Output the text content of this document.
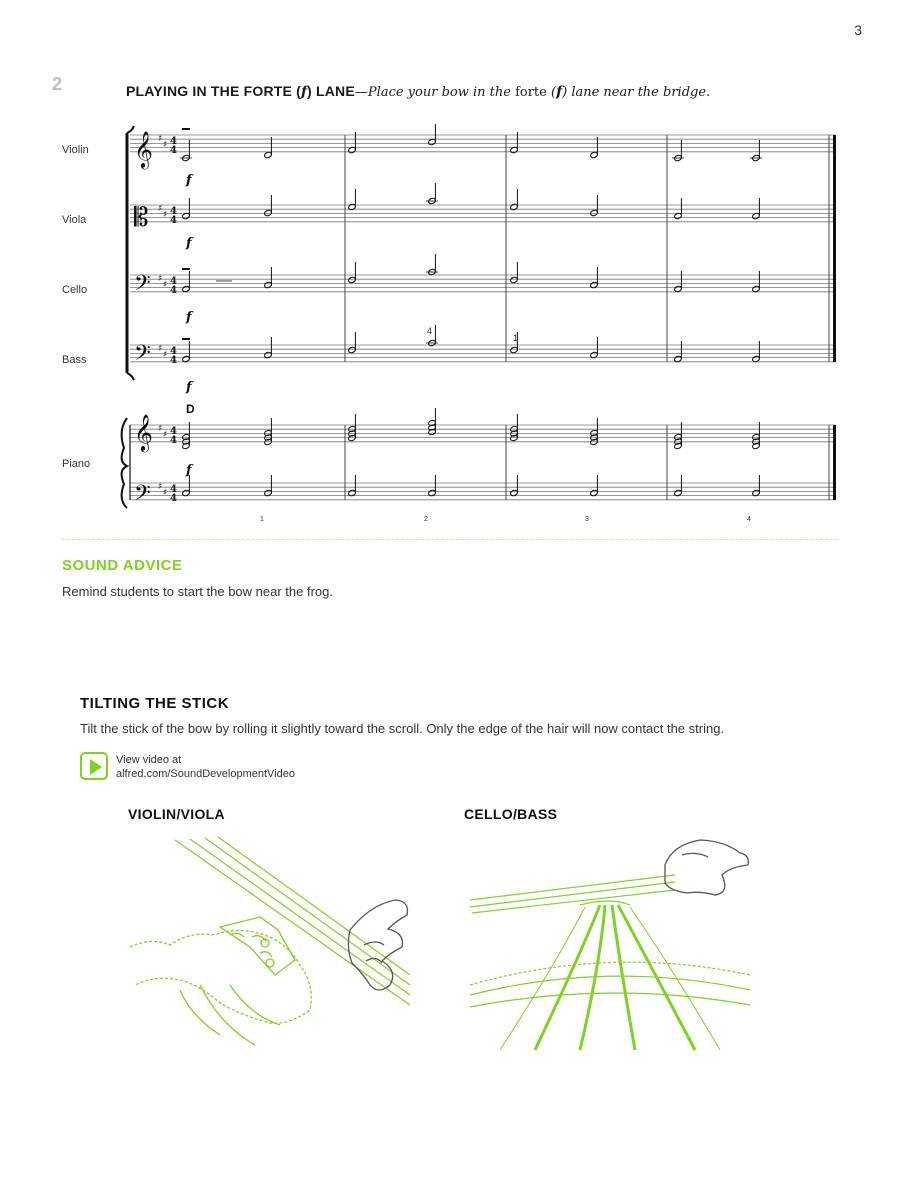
3
2	PLAYING IN THE FORTE (f) LANE—Place your bow in the forte (f) lane near the bridge.
Violin
Viola
Cello
Bass
Piano
𝄞
𝄡
𝄢
𝄢
𝄞
𝄢
♯
♯ 4
4
♯
♯ 4
4
♯
♯ 4
4
♯
♯ 4
4
♯
♯ 4
4
♯
♯ 4
4
f
f
f
f
f
D
4
1
1	2	3	4
SOUND ADVICE
Remind students to start the bow near the frog.
TILTING THE STICK
Tilt the stick of the bow by rolling it slightly toward the scroll. Only the edge of the hair will now contact the string.
View video at
alfred.com/SoundDevelopmentVideo
VIOLIN/VIOLA	CELLO/BASS
